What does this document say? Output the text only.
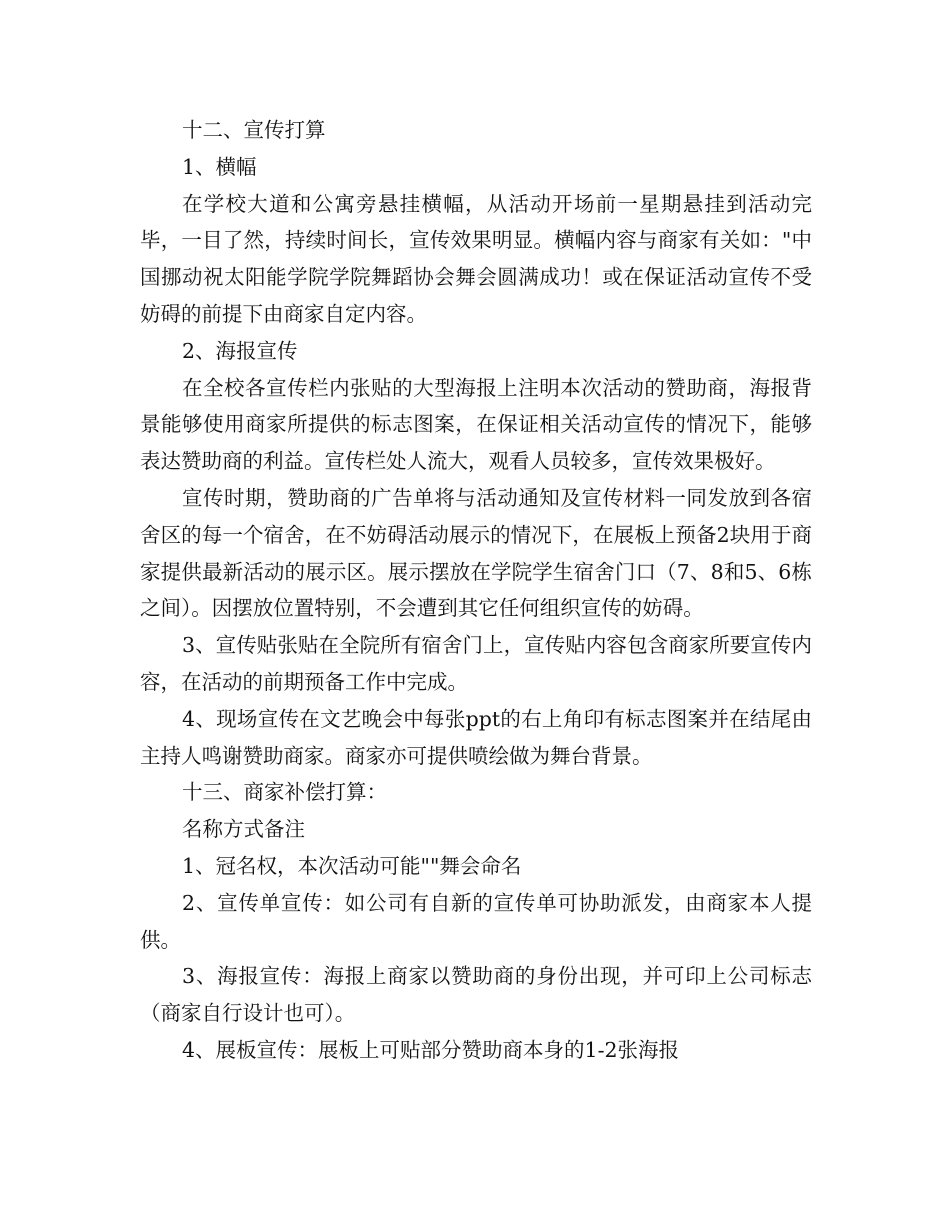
十二、宣传打算

1、横幅

在学校大道和公寓旁悬挂横幅，从活动开场前一星期悬挂到活动完毕，一目了然，持续时间长，宣传效果明显。横幅内容与商家有关如："中国挪动祝太阳能学院学院舞蹈协会舞会圆满成功！或在保证活动宣传不受妨碍的前提下由商家自定内容。

2、海报宣传

在全校各宣传栏内张贴的大型海报上注明本次活动的赞助商，海报背景能够使用商家所提供的标志图案，在保证相关活动宣传的情况下，能够表达赞助商的利益。宣传栏处人流大，观看人员较多，宣传效果极好。

宣传时期，赞助商的广告单将与活动通知及宣传材料一同发放到各宿舍区的每一个宿舍，在不妨碍活动展示的情况下，在展板上预备2块用于商家提供最新活动的展示区。展示摆放在学院学生宿舍门口（7、8和5、6栋之间）。因摆放位置特别，不会遭到其它任何组织宣传的妨碍。

3、宣传贴张贴在全院所有宿舍门上，宣传贴内容包含商家所要宣传内容，在活动的前期预备工作中完成。

4、现场宣传在文艺晚会中每张ppt的右上角印有标志图案并在结尾由主持人鸣谢赞助商家。商家亦可提供喷绘做为舞台背景。

十三、商家补偿打算：

名称方式备注

1、冠名权，本次活动可能""舞会命名

2、宣传单宣传：如公司有自新的宣传单可协助派发，由商家本人提供。

3、海报宣传：海报上商家以赞助商的身份出现，并可印上公司标志（商家自行设计也可）。

4、展板宣传：展板上可贴部分赞助商本身的1-2张海报
